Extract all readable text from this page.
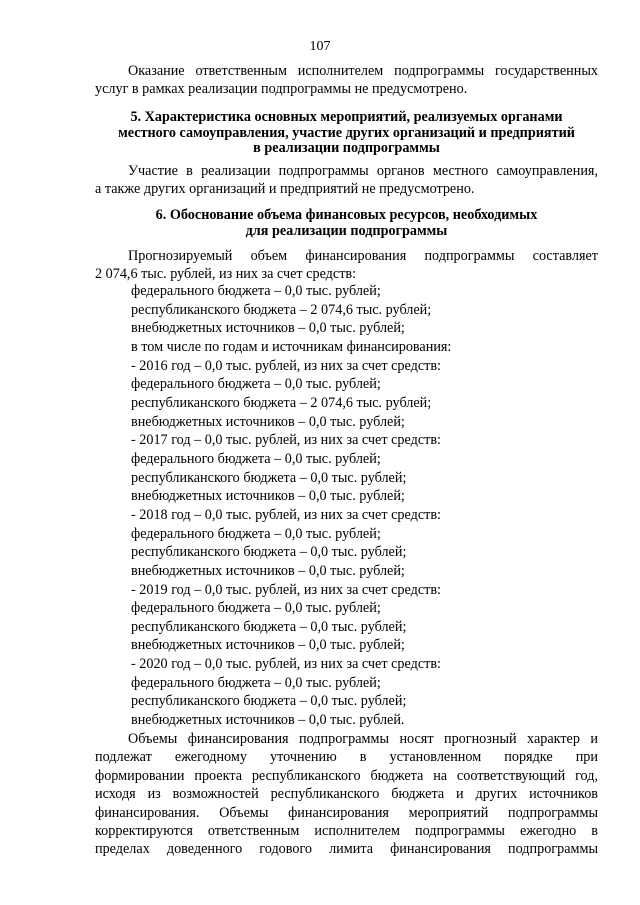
107
Оказание ответственным исполнителем подпрограммы государственных
услуг в рамках реализации подпрограммы не предусмотрено.
5. Характеристика основных мероприятий, реализуемых органами
местного самоуправления, участие других организаций и предприятий
в реализации подпрограммы
Участие в реализации подпрограммы органов местного самоуправления,
а также других организаций и предприятий не предусмотрено.
6. Обоснование объема финансовых ресурсов, необходимых
для реализации подпрограммы
Прогнозируемый объем финансирования подпрограммы составляет
2 074,6 тыс. рублей, из них за счет средств:
федерального бюджета – 0,0 тыс. рублей;
республиканского бюджета – 2 074,6 тыс. рублей;
внебюджетных источников – 0,0 тыс. рублей;
в том числе по годам и источникам финансирования:
- 2016 год – 0,0 тыс. рублей, из них за счет средств:
федерального бюджета – 0,0 тыс. рублей;
республиканского бюджета – 2 074,6 тыс. рублей;
внебюджетных источников – 0,0 тыс. рублей;
- 2017 год – 0,0 тыс. рублей, из них за счет средств:
федерального бюджета – 0,0 тыс. рублей;
республиканского бюджета – 0,0 тыс. рублей;
внебюджетных источников – 0,0 тыс. рублей;
- 2018 год – 0,0 тыс. рублей, из них за счет средств:
федерального бюджета – 0,0 тыс. рублей;
республиканского бюджета – 0,0 тыс. рублей;
внебюджетных источников – 0,0 тыс. рублей;
- 2019 год – 0,0 тыс. рублей, из них за счет средств:
федерального бюджета – 0,0 тыс. рублей;
республиканского бюджета – 0,0 тыс. рублей;
внебюджетных источников – 0,0 тыс. рублей;
- 2020 год – 0,0 тыс. рублей, из них за счет средств:
федерального бюджета – 0,0 тыс. рублей;
республиканского бюджета – 0,0 тыс. рублей;
внебюджетных источников – 0,0 тыс. рублей.
Объемы финансирования подпрограммы носят прогнозный характер и
подлежат ежегодному уточнению в установленном порядке при
формировании проекта республиканского бюджета на соответствующий год,
исходя из возможностей республиканского бюджета и других источников
финансирования. Объемы финансирования мероприятий подпрограммы
корректируются ответственным исполнителем подпрограммы ежегодно в
пределах доведенного годового лимита финансирования подпрограммы
